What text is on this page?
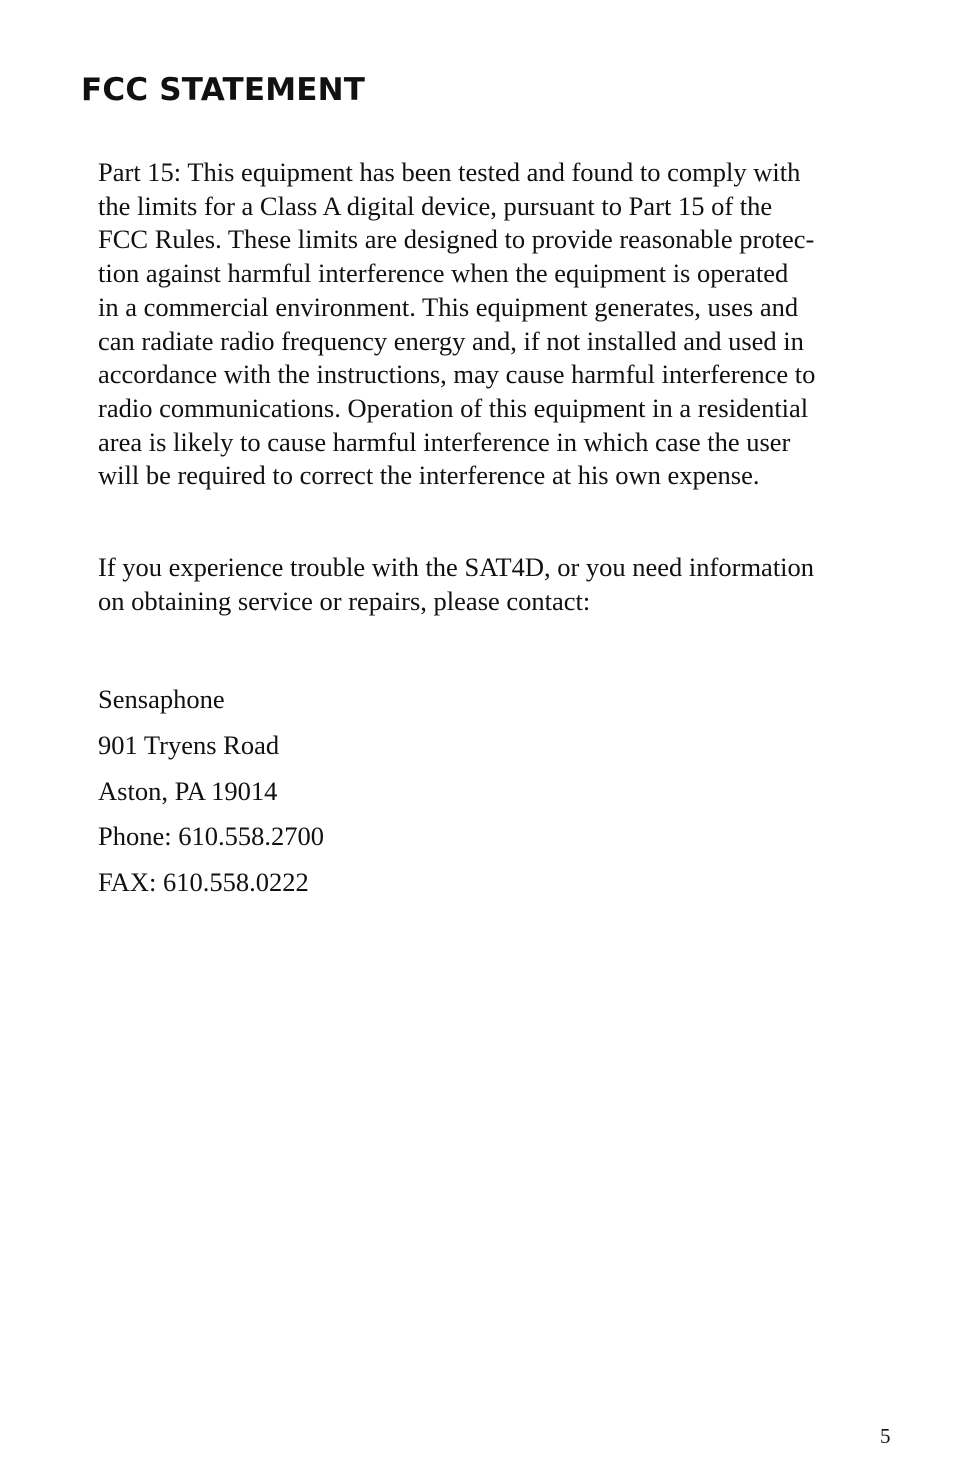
FCC STATEMENT

Part 15: This equipment has been tested and found to comply with
the limits for a Class A digital device, pursuant to Part 15 of the
FCC Rules. These limits are designed to provide reasonable protec-
tion against harmful interference when the equipment is operated
in a commercial environment. This equipment generates, uses and
can radiate radio frequency energy and, if not installed and used in
accordance with the instructions, may cause harmful interference to
radio communications. Operation of this equipment in a residential
area is likely to cause harmful interference in which case the user
will be required to correct the interference at his own expense.

If you experience trouble with the SAT4D, or you need information
on obtaining service or repairs, please contact:

Sensaphone
901 Tryens Road
Aston, PA 19014
Phone: 610.558.2700
FAX: 610.558.0222
5
